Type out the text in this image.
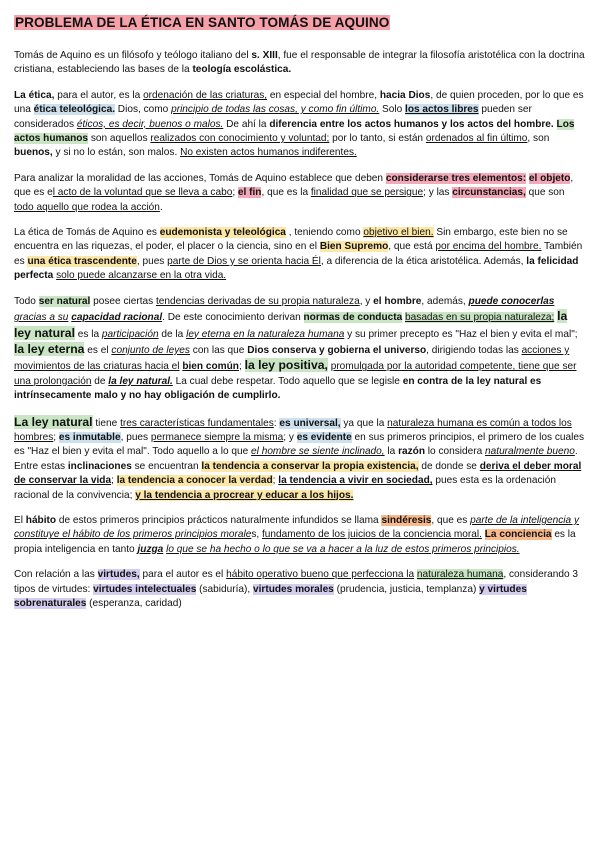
PROBLEMA DE LA ÉTICA EN SANTO TOMÁS DE AQUINO

Tomás de Aquino es un filósofo y teólogo italiano del s. XIII, fue el responsable de integrar la filosofía aristotélica con la doctrina cristiana, estableciendo las bases de la teología escolástica.

La ética, para el autor, es la ordenación de las criaturas, en especial del hombre, hacia Dios, de quien proceden, por lo que es una ética teleológica. Dios, como principio de todas las cosas, y como fin último. Solo los actos libres pueden ser considerados éticos, es decir, buenos o malos. De ahí la diferencia entre los actos humanos y los actos del hombre. Los actos humanos son aquellos realizados con conocimiento y voluntad; por lo tanto, si están ordenados al fin último, son buenos, y si no lo están, son malos. No existen actos humanos indiferentes.

Para analizar la moralidad de las acciones, Tomás de Aquino establece que deben considerarse tres elementos: el objeto, que es el acto de la voluntad que se lleva a cabo; el fin, que es la finalidad que se persigue; y las circunstancias, que son todo aquello que rodea la acción.

La ética de Tomás de Aquino es eudemonista y teleológica , teniendo como objetivo el bien. Sin embargo, este bien no se encuentra en las riquezas, el poder, el placer o la ciencia, sino en el Bien Supremo, que está por encima del hombre. También es una ética trascendente, pues parte de Dios y se orienta hacia Él, a diferencia de la ética aristotélica. Además, la felicidad perfecta solo puede alcanzarse en la otra vida.

Todo ser natural posee ciertas tendencias derivadas de su propia naturaleza, y el hombre, además, puede conocerlas gracias a su capacidad racional. De este conocimiento derivan normas de conducta basadas en su propia naturaleza; la ley natural es la participación de la ley eterna en la naturaleza humana y su primer precepto es "Haz el bien y evita el mal"; la ley eterna es el conjunto de leyes con las que Dios conserva y gobierna el universo, dirigiendo todas las acciones y movimientos de las criaturas hacia el bien común; la ley positiva, promulgada por la autoridad competente, tiene que ser una prolongación de la ley natural. La cual debe respetar. Todo aquello que se legisle en contra de la ley natural es intrínsecamente malo y no hay obligación de cumplirlo.

La ley natural tiene tres características fundamentales: es universal, ya que la naturaleza humana es común a todos los hombres; es inmutable, pues permanece siempre la misma; y es evidente en sus primeros principios, el primero de los cuales es "Haz el bien y evita el mal". Todo aquello a lo que el hombre se siente inclinado, la razón lo considera naturalmente bueno. Entre estas inclinaciones se encuentran la tendencia a conservar la propia existencia, de donde se deriva el deber moral de conservar la vida; la tendencia a conocer la verdad; la tendencia a vivir en sociedad, pues esta es la ordenación racional de la convivencia; y la tendencia a procrear y educar a los hijos.

El hábito de estos primeros principios prácticos naturalmente infundidos se llama sindéresis, que es parte de la inteligencia y constituye el hábito de los primeros principios morales, fundamento de los juicios de la conciencia moral. La conciencia es la propia inteligencia en tanto juzga lo que se ha hecho o lo que se va a hacer a la luz de estos primeros principios.

Con relación a las virtudes, para el autor es el hábito operativo bueno que perfecciona la naturaleza humana, considerando 3 tipos de virtudes: virtudes intelectuales (sabiduría), virtudes morales (prudencia, justicia, templanza) y virtudes sobrenaturales (esperanza, caridad)
